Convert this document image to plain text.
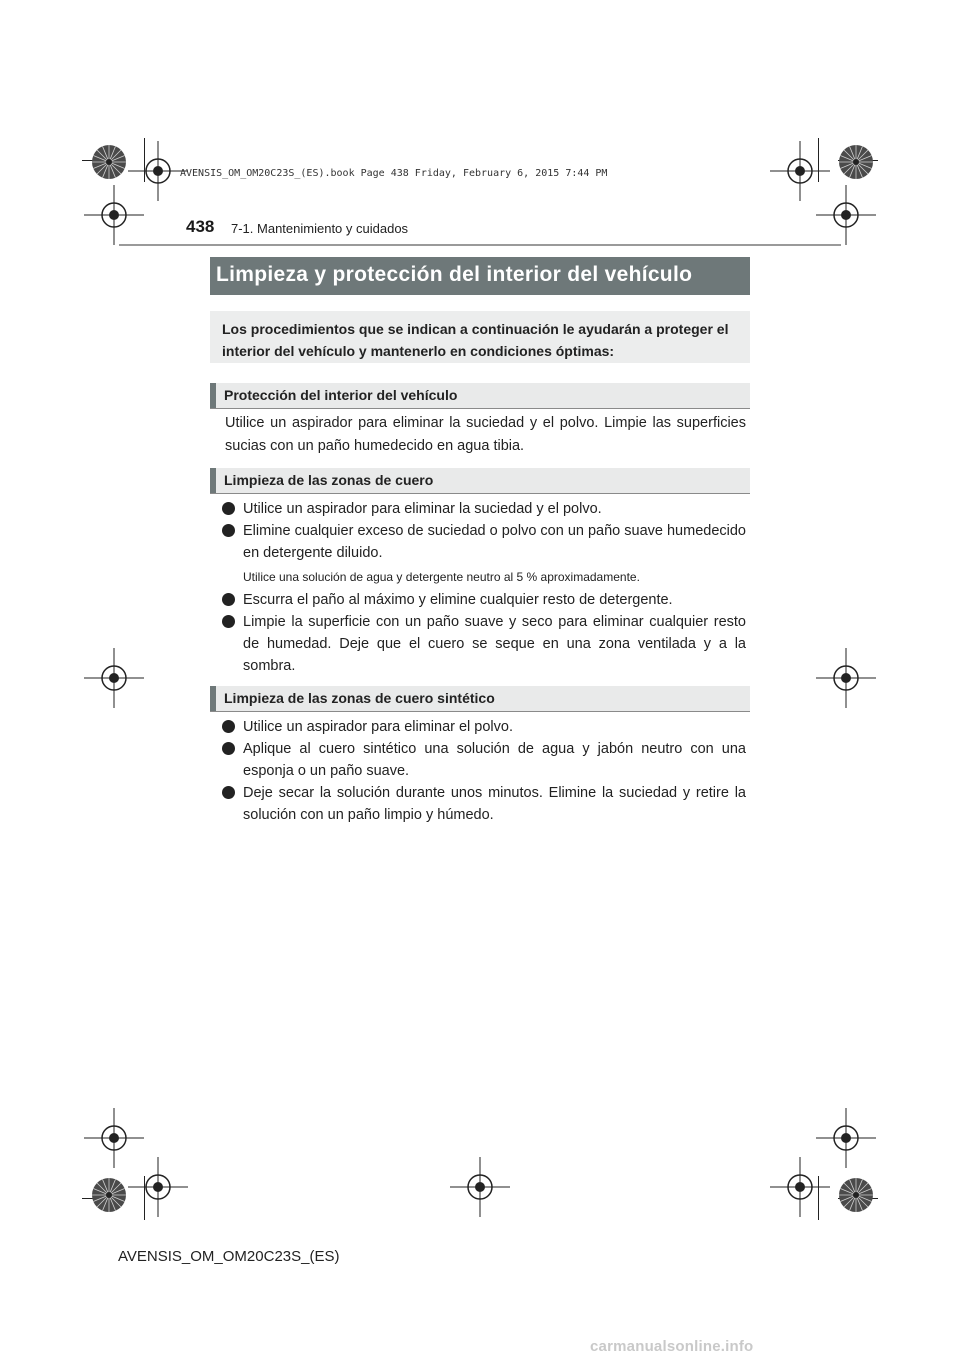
AVENSIS_OM_OM20C23S_(ES).book Page 438 Friday, February 6, 2015 7:44 PM
438 7-1. Mantenimiento y cuidados
Limpieza y protección del interior del vehículo
Los procedimientos que se indican a continuación le ayudarán a proteger el interior del vehículo y mantenerlo en condiciones óptimas:
Protección del interior del vehículo
Utilice un aspirador para eliminar la suciedad y el polvo. Limpie las superficies sucias con un paño humedecido en agua tibia.
Limpieza de las zonas de cuero
Utilice un aspirador para eliminar la suciedad y el polvo.
Elimine cualquier exceso de suciedad o polvo con un paño suave humedecido en detergente diluido.
Utilice una solución de agua y detergente neutro al 5 % aproximadamente.
Escurra el paño al máximo y elimine cualquier resto de detergente.
Limpie la superficie con un paño suave y seco para eliminar cualquier resto de humedad. Deje que el cuero se seque en una zona ventilada y a la sombra.
Limpieza de las zonas de cuero sintético
Utilice un aspirador para eliminar el polvo.
Aplique al cuero sintético una solución de agua y jabón neutro con una esponja o un paño suave.
Deje secar la solución durante unos minutos. Elimine la suciedad y retire la solución con un paño limpio y húmedo.
AVENSIS_OM_OM20C23S_(ES)
carmanualsonline.info
